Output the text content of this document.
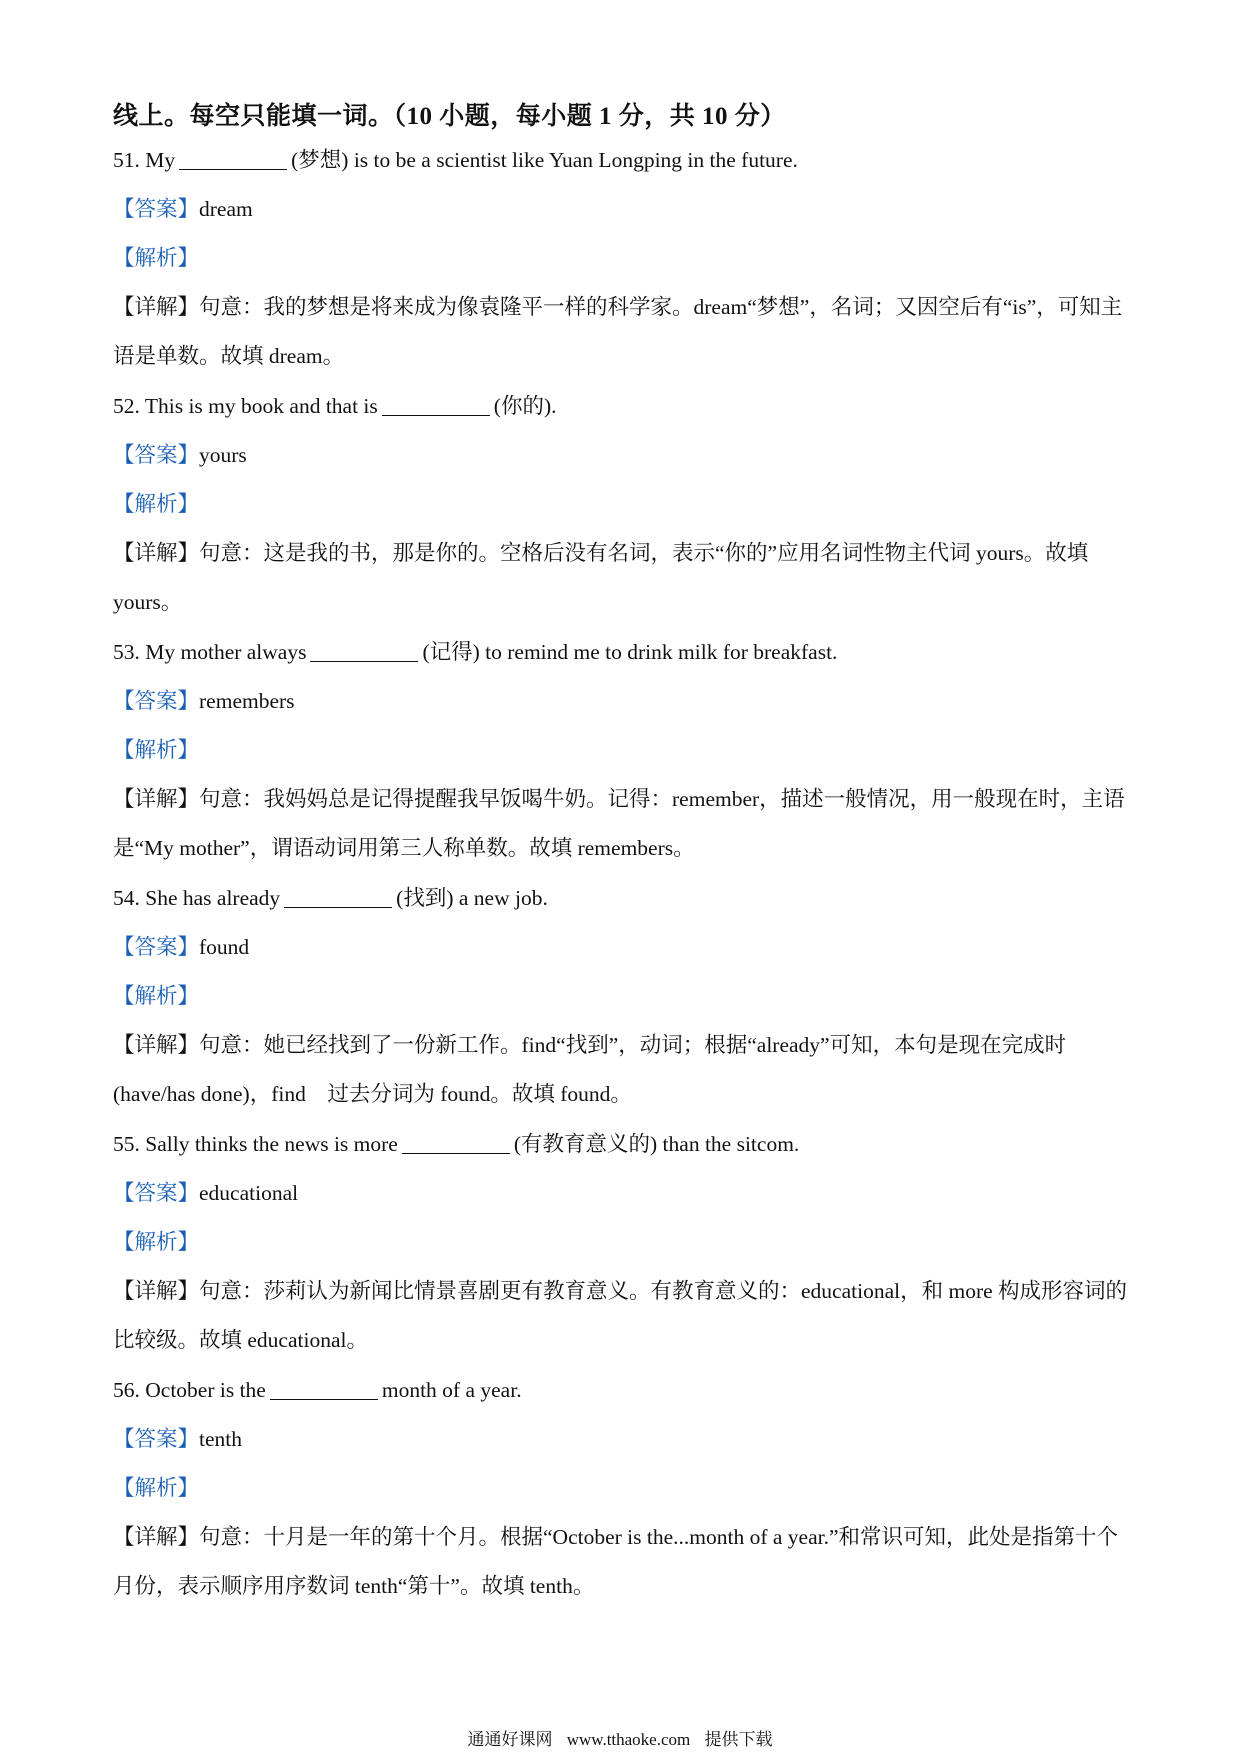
线上。每空只能填一词。（10 小题，每小题 1 分，共 10 分）
51. My	(梦想) is to be a scientist like Yuan Longping in the future.
【答案】dream
【解析】
【详解】句意：我的梦想是将来成为像袁隆平一样的科学家。dream“梦想”，名词；又因空后有“is”，可知主语是单数。故填 dream。
52. This is my book and that is	(你的).
【答案】yours
【解析】
【详解】句意：这是我的书，那是你的。空格后没有名词，表示“你的”应用名词性物主代词 yours。故填 yours。
53. My mother always	(记得) to remind me to drink milk for breakfast.
【答案】remembers
【解析】
【详解】句意：我妈妈总是记得提醒我早饭喝牛奶。记得：remember，描述一般情况，用一般现在时，主语是“My mother”，谓语动词用第三人称单数。故填 remembers。
54. She has already	(找到) a new job.
【答案】found
【解析】
【详解】句意：她已经找到了一份新工作。find“找到”，动词；根据“already”可知，本句是现在完成时(have/has done)，find　过去分词为 found。故填 found。
55. Sally thinks the news is more	(有教育意义的) than the sitcom.
【答案】educational
【解析】
【详解】句意：莎莉认为新闻比情景喜剧更有教育意义。有教育意义的：educational，和 more 构成形容词的比较级。故填 educational。
56. October is the	month of a year.
【答案】tenth
【解析】
【详解】句意：十月是一年的第十个月。根据“October is the...month of a year.”和常识可知，此处是指第十个月份，表示顺序用序数词 tenth“第十”。故填 tenth。
通通好课网 www.tthaoke.com 提供下载
